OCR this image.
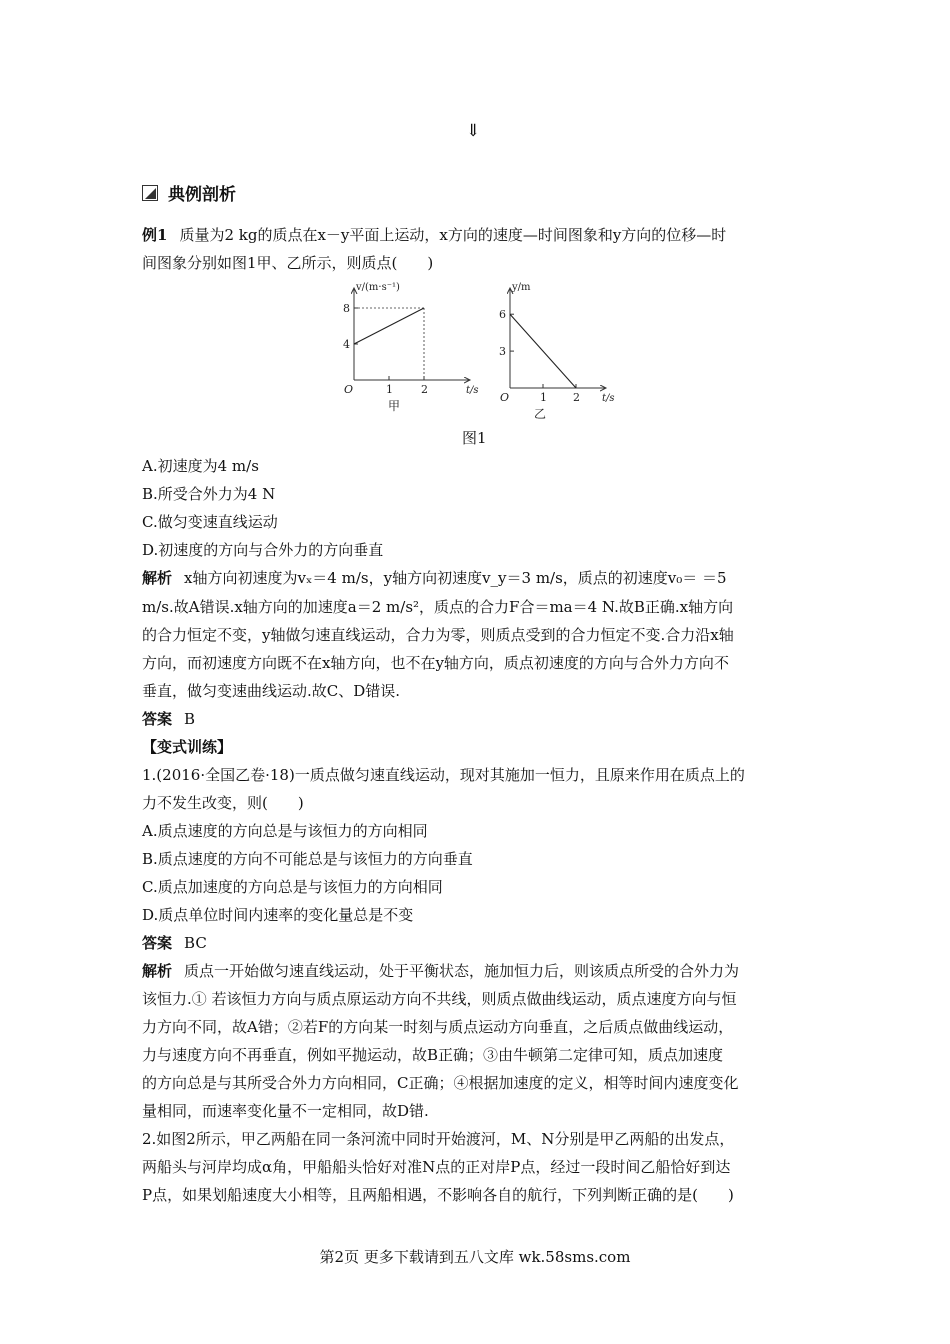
⇓
典例剖析
例1 质量为2 kg的质点在x－y平面上运动，x方向的速度—时间图象和y方向的位移—时
间图象分别如图1甲、乙所示，则质点(　　)
1	2
4
8
O	t/s
v/(m·s⁻¹)
甲
1 2
3
6
O	t/s
y/m
乙
图1
A.初速度为4 m/s
B.所受合外力为4 N
C.做匀变速直线运动
D.初速度的方向与合外力的方向垂直
解析 x轴方向初速度为vₓ＝4 m/s，y轴方向初速度v_y＝3 m/s，质点的初速度v₀＝ ＝5
m/s.故A错误.x轴方向的加速度a＝2 m/s²，质点的合力F合＝ma＝4 N.故B正确.x轴方向
的合力恒定不变，y轴做匀速直线运动，合力为零，则质点受到的合力恒定不变.合力沿x轴
方向，而初速度方向既不在x轴方向，也不在y轴方向，质点初速度的方向与合外力方向不
垂直，做匀变速曲线运动.故C、D错误.
答案 B
【变式训练】
1.(2016·全国乙卷·18)一质点做匀速直线运动，现对其施加一恒力，且原来作用在质点上的
力不发生改变，则(　　)
A.质点速度的方向总是与该恒力的方向相同
B.质点速度的方向不可能总是与该恒力的方向垂直
C.质点加速度的方向总是与该恒力的方向相同
D.质点单位时间内速率的变化量总是不变
答案 BC
解析 质点一开始做匀速直线运动，处于平衡状态，施加恒力后，则该质点所受的合外力为
该恒力.① 若该恒力方向与质点原运动方向不共线，则质点做曲线运动，质点速度方向与恒
力方向不同，故A错；②若F的方向某一时刻与质点运动方向垂直，之后质点做曲线运动，
力与速度方向不再垂直，例如平抛运动，故B正确；③由牛顿第二定律可知，质点加速度
的方向总是与其所受合外力方向相同，C正确；④根据加速度的定义，相等时间内速度变化
量相同，而速率变化量不一定相同，故D错.
2.如图2所示，甲乙两船在同一条河流中同时开始渡河，M、N分别是甲乙两船的出发点，
两船头与河岸均成α角，甲船船头恰好对准N点的正对岸P点，经过一段时间乙船恰好到达
P点，如果划船速度大小相等，且两船相遇，不影响各自的航行，下列判断正确的是(　　)
第2页 更多下载请到五八文库 wk.58sms.com
